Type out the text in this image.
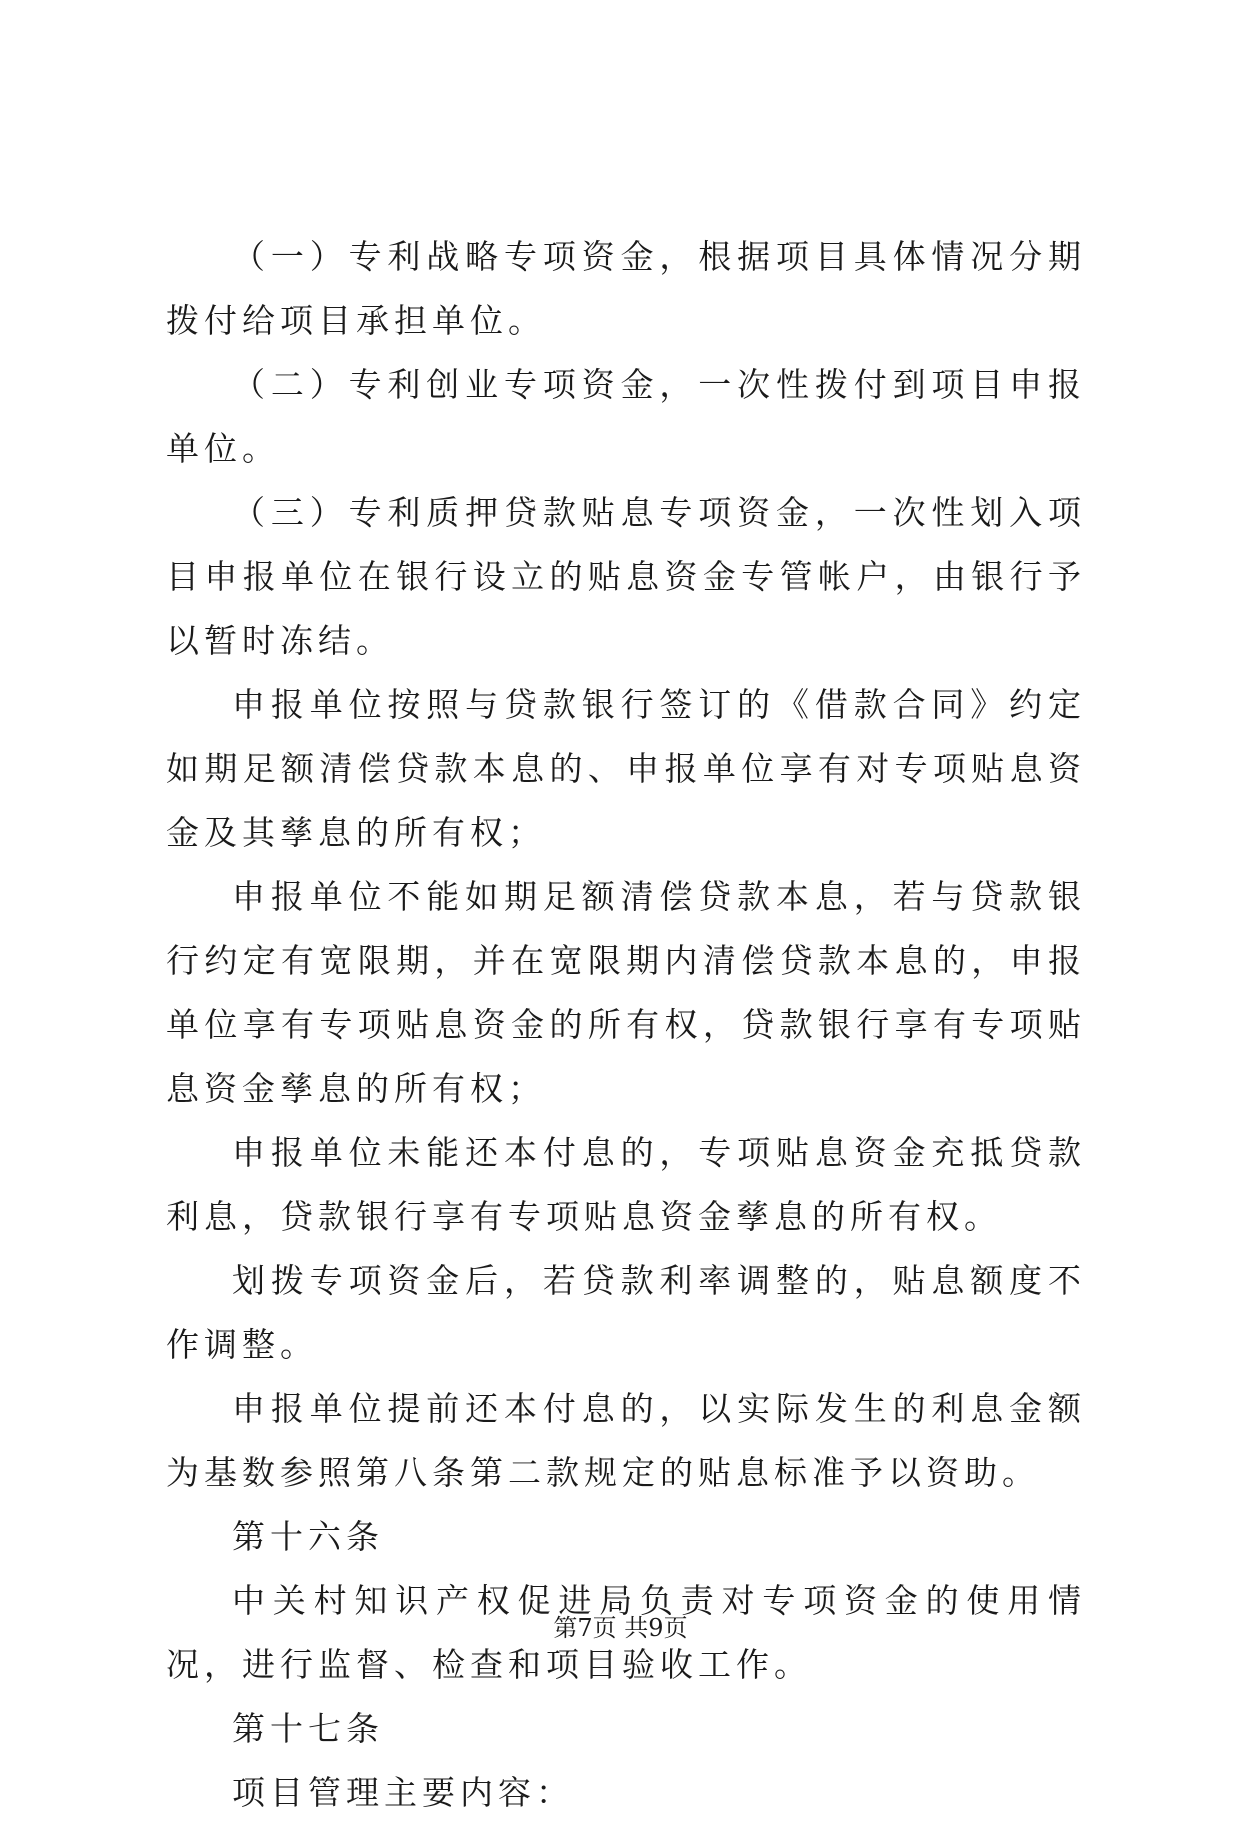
（一）专利战略专项资金，根据项目具体情况分期拨付给项目承担单位。

（二）专利创业专项资金，一次性拨付到项目申报单位。

（三）专利质押贷款贴息专项资金，一次性划入项目申报单位在银行设立的贴息资金专管帐户，由银行予以暂时冻结。

申报单位按照与贷款银行签订的《借款合同》约定如期足额清偿贷款本息的、申报单位享有对专项贴息资金及其孳息的所有权；

申报单位不能如期足额清偿贷款本息，若与贷款银行约定有宽限期，并在宽限期内清偿贷款本息的，申报单位享有专项贴息资金的所有权，贷款银行享有专项贴息资金孳息的所有权；

申报单位未能还本付息的，专项贴息资金充抵贷款利息，贷款银行享有专项贴息资金孳息的所有权。

划拨专项资金后，若贷款利率调整的，贴息额度不作调整。

申报单位提前还本付息的，以实际发生的利息金额为基数参照第八条第二款规定的贴息标准予以资助。

第十六条

中关村知识产权促进局负责对专项资金的使用情况，进行监督、检查和项目验收工作。

第十七条

项目管理主要内容：

第7页 共9页
